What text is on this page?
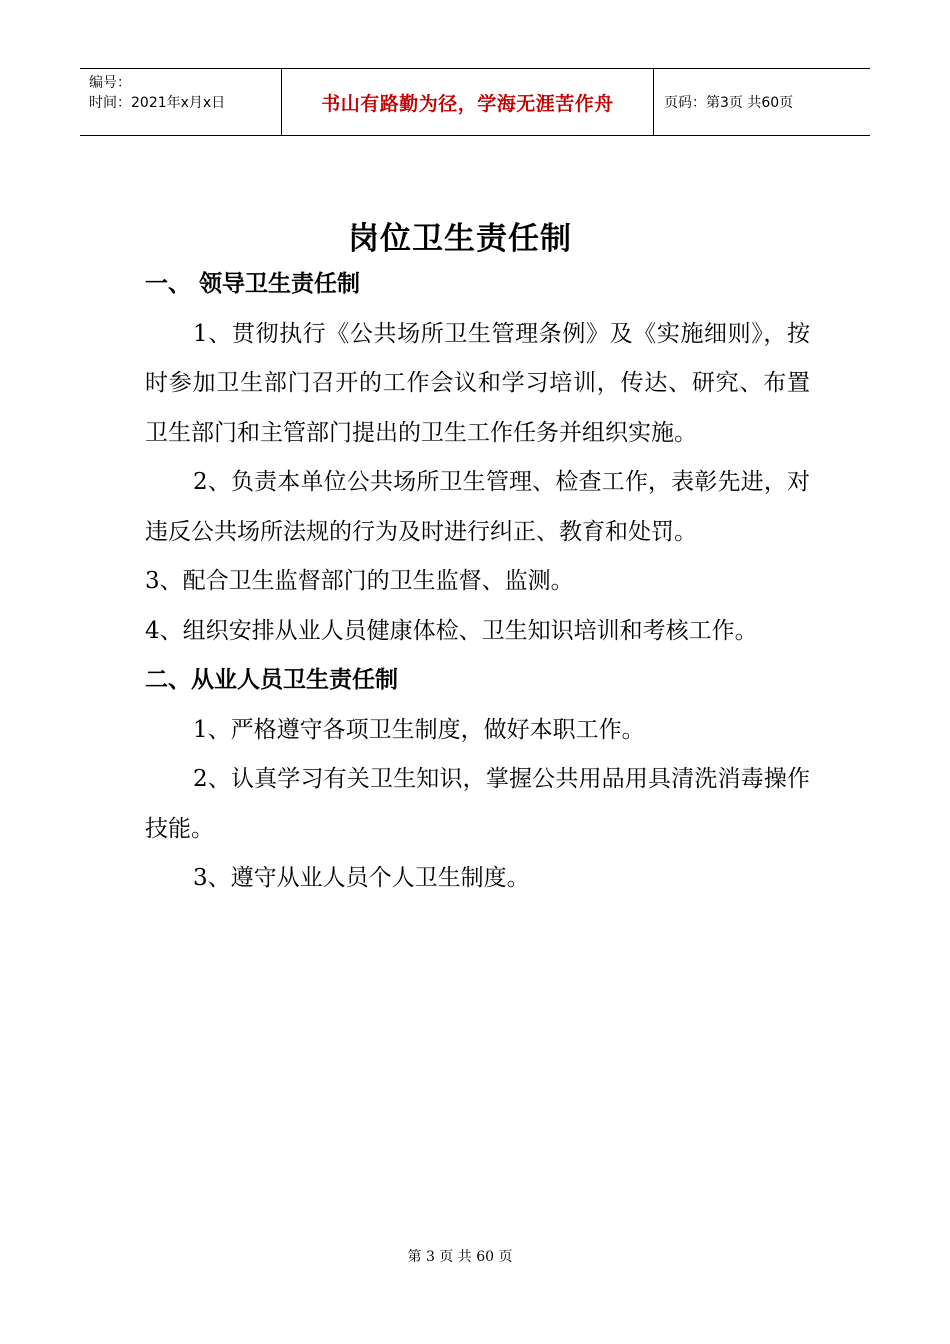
编号：
时间：2021年x月x日	书山有路勤为径，学海无涯苦作舟	页码：第3页 共60页
岗位卫生责任制

一、 领导卫生责任制

1、贯彻执行《公共场所卫生管理条例》及《实施细则》，按时参加卫生部门召开的工作会议和学习培训，传达、研究、布置卫生部门和主管部门提出的卫生工作任务并组织实施。

2、负责本单位公共场所卫生管理、检查工作，表彰先进，对违反公共场所法规的行为及时进行纠正、教育和处罚。

3、配合卫生监督部门的卫生监督、监测。

4、组织安排从业人员健康体检、卫生知识培训和考核工作。

二、从业人员卫生责任制

1、严格遵守各项卫生制度，做好本职工作。

2、认真学习有关卫生知识，掌握公共用品用具清洗消毒操作技能。

3、遵守从业人员个人卫生制度。

第 3 页 共 60 页
